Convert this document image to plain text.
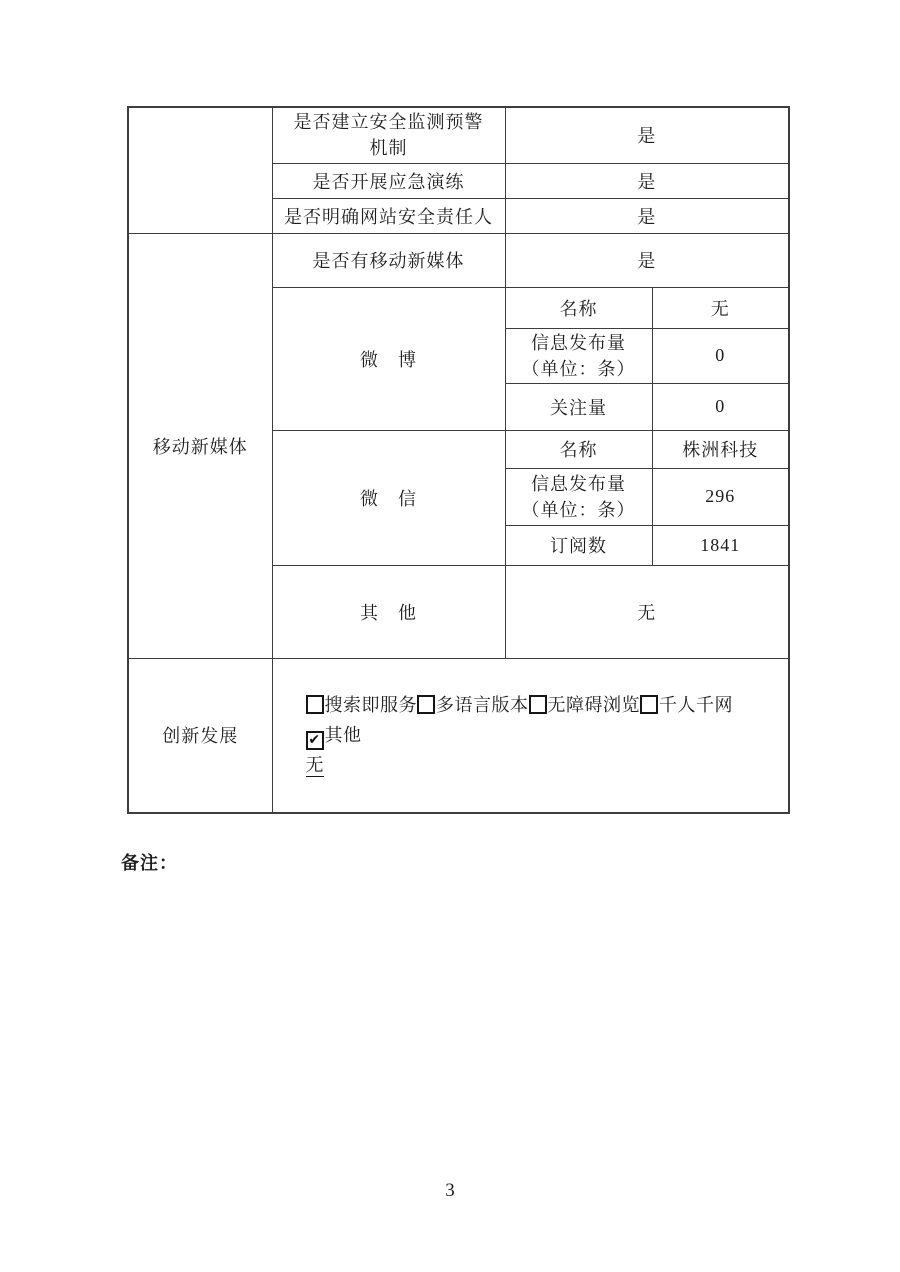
	是否建立安全监测预警
机制	是	
	是否开展应急演练	是	
	是否明确网站安全责任人	是	
移动新媒体	是否有移动新媒体	是	
	微　博	名称	无

		信息发布量
（单位：条）	0
		关注量	0
	微　信	名称	株洲科技

		信息发布量
（单位：条）	296
		订阅数	1841
	其　他	无	
创新发展	搜索即服务 多语言版本 无障碍浏览 千人千网✔ 其他
无		
备注：
3
